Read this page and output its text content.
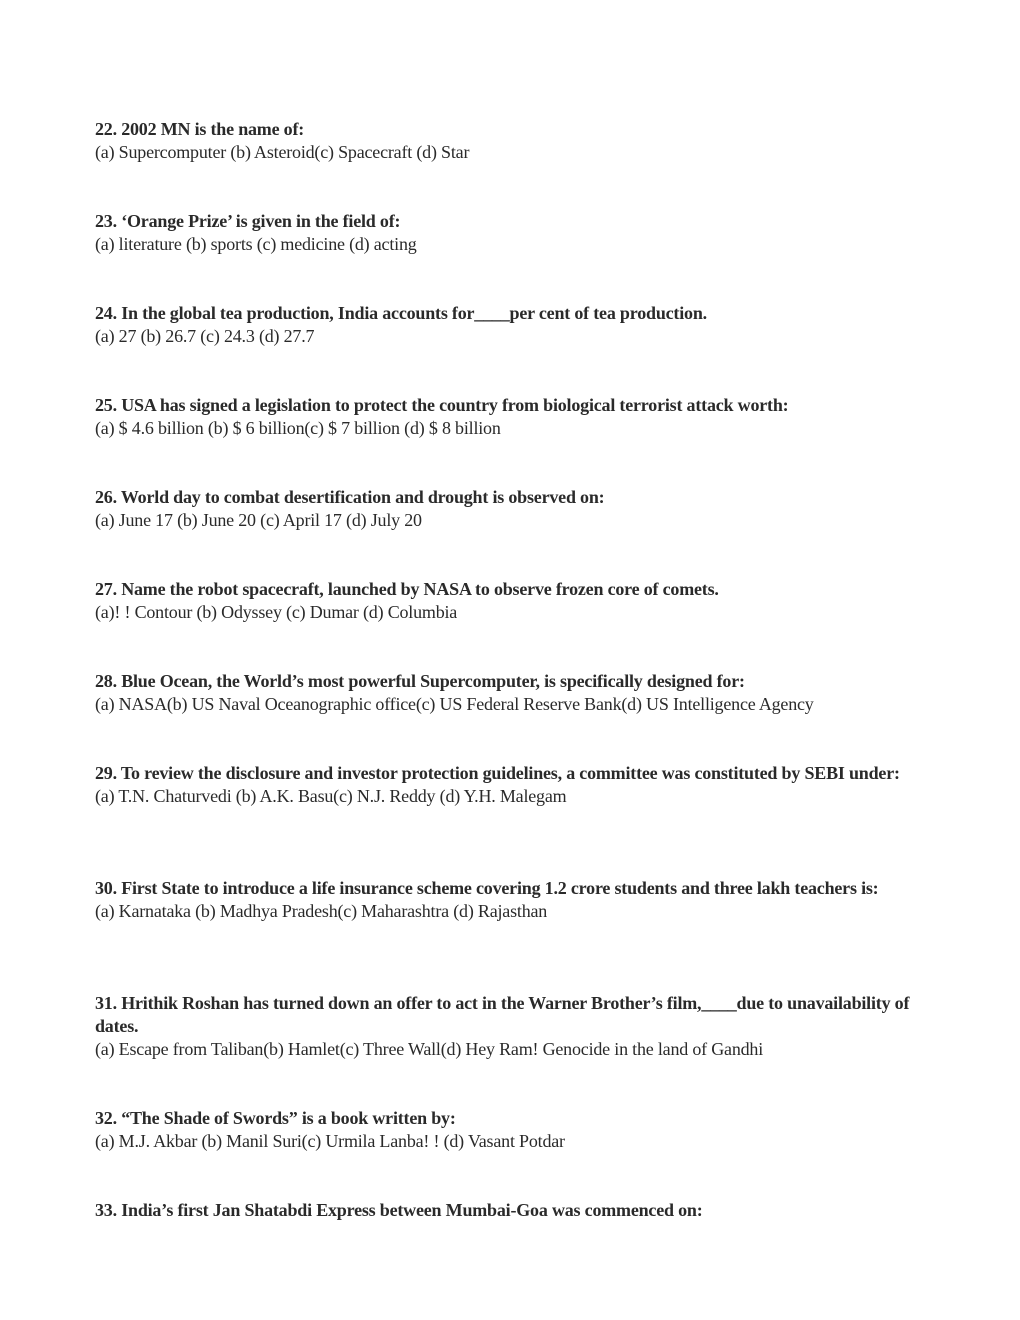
22. 2002 MN is the name of:
(a) Supercomputer (b) Asteroid(c) Spacecraft (d) Star
23. ‘Orange Prize’ is given in the field of:
(a) literature (b) sports (c) medicine (d) acting
24. In the global tea production, India accounts for____per cent of tea production.
(a) 27 (b) 26.7 (c) 24.3 (d) 27.7
25. USA has signed a legislation to protect the country from biological terrorist attack worth:
(a) $ 4.6 billion (b) $ 6 billion(c) $ 7 billion (d) $ 8 billion
26. World day to combat desertification and drought is observed on:
(a) June 17 (b) June 20 (c) April 17 (d) July 20
27. Name the robot spacecraft, launched by NASA to observe frozen core of comets.
(a)! ! Contour (b) Odyssey (c) Dumar (d) Columbia
28. Blue Ocean, the World’s most powerful Supercomputer, is specifically designed for:
(a) NASA(b) US Naval Oceanographic office(c) US Federal Reserve Bank(d) US Intelligence Agency
29. To review the disclosure and investor protection guidelines, a committee was constituted by SEBI under:
(a) T.N. Chaturvedi (b) A.K. Basu(c) N.J. Reddy (d) Y.H. Malegam
30. First State to introduce a life insurance scheme covering 1.2 crore students and three lakh teachers is:
(a) Karnataka (b) Madhya Pradesh(c) Maharashtra (d) Rajasthan
31. Hrithik Roshan has turned down an offer to act in the Warner Brother’s film,____due to unavailability of dates.
(a) Escape from Taliban(b) Hamlet(c) Three Wall(d) Hey Ram! Genocide in the land of Gandhi
32. “The Shade of Swords” is a book written by:
(a) M.J. Akbar (b) Manil Suri(c) Urmila Lanba! ! (d) Vasant Potdar
33. India’s first Jan Shatabdi Express between Mumbai-Goa was commenced on:
